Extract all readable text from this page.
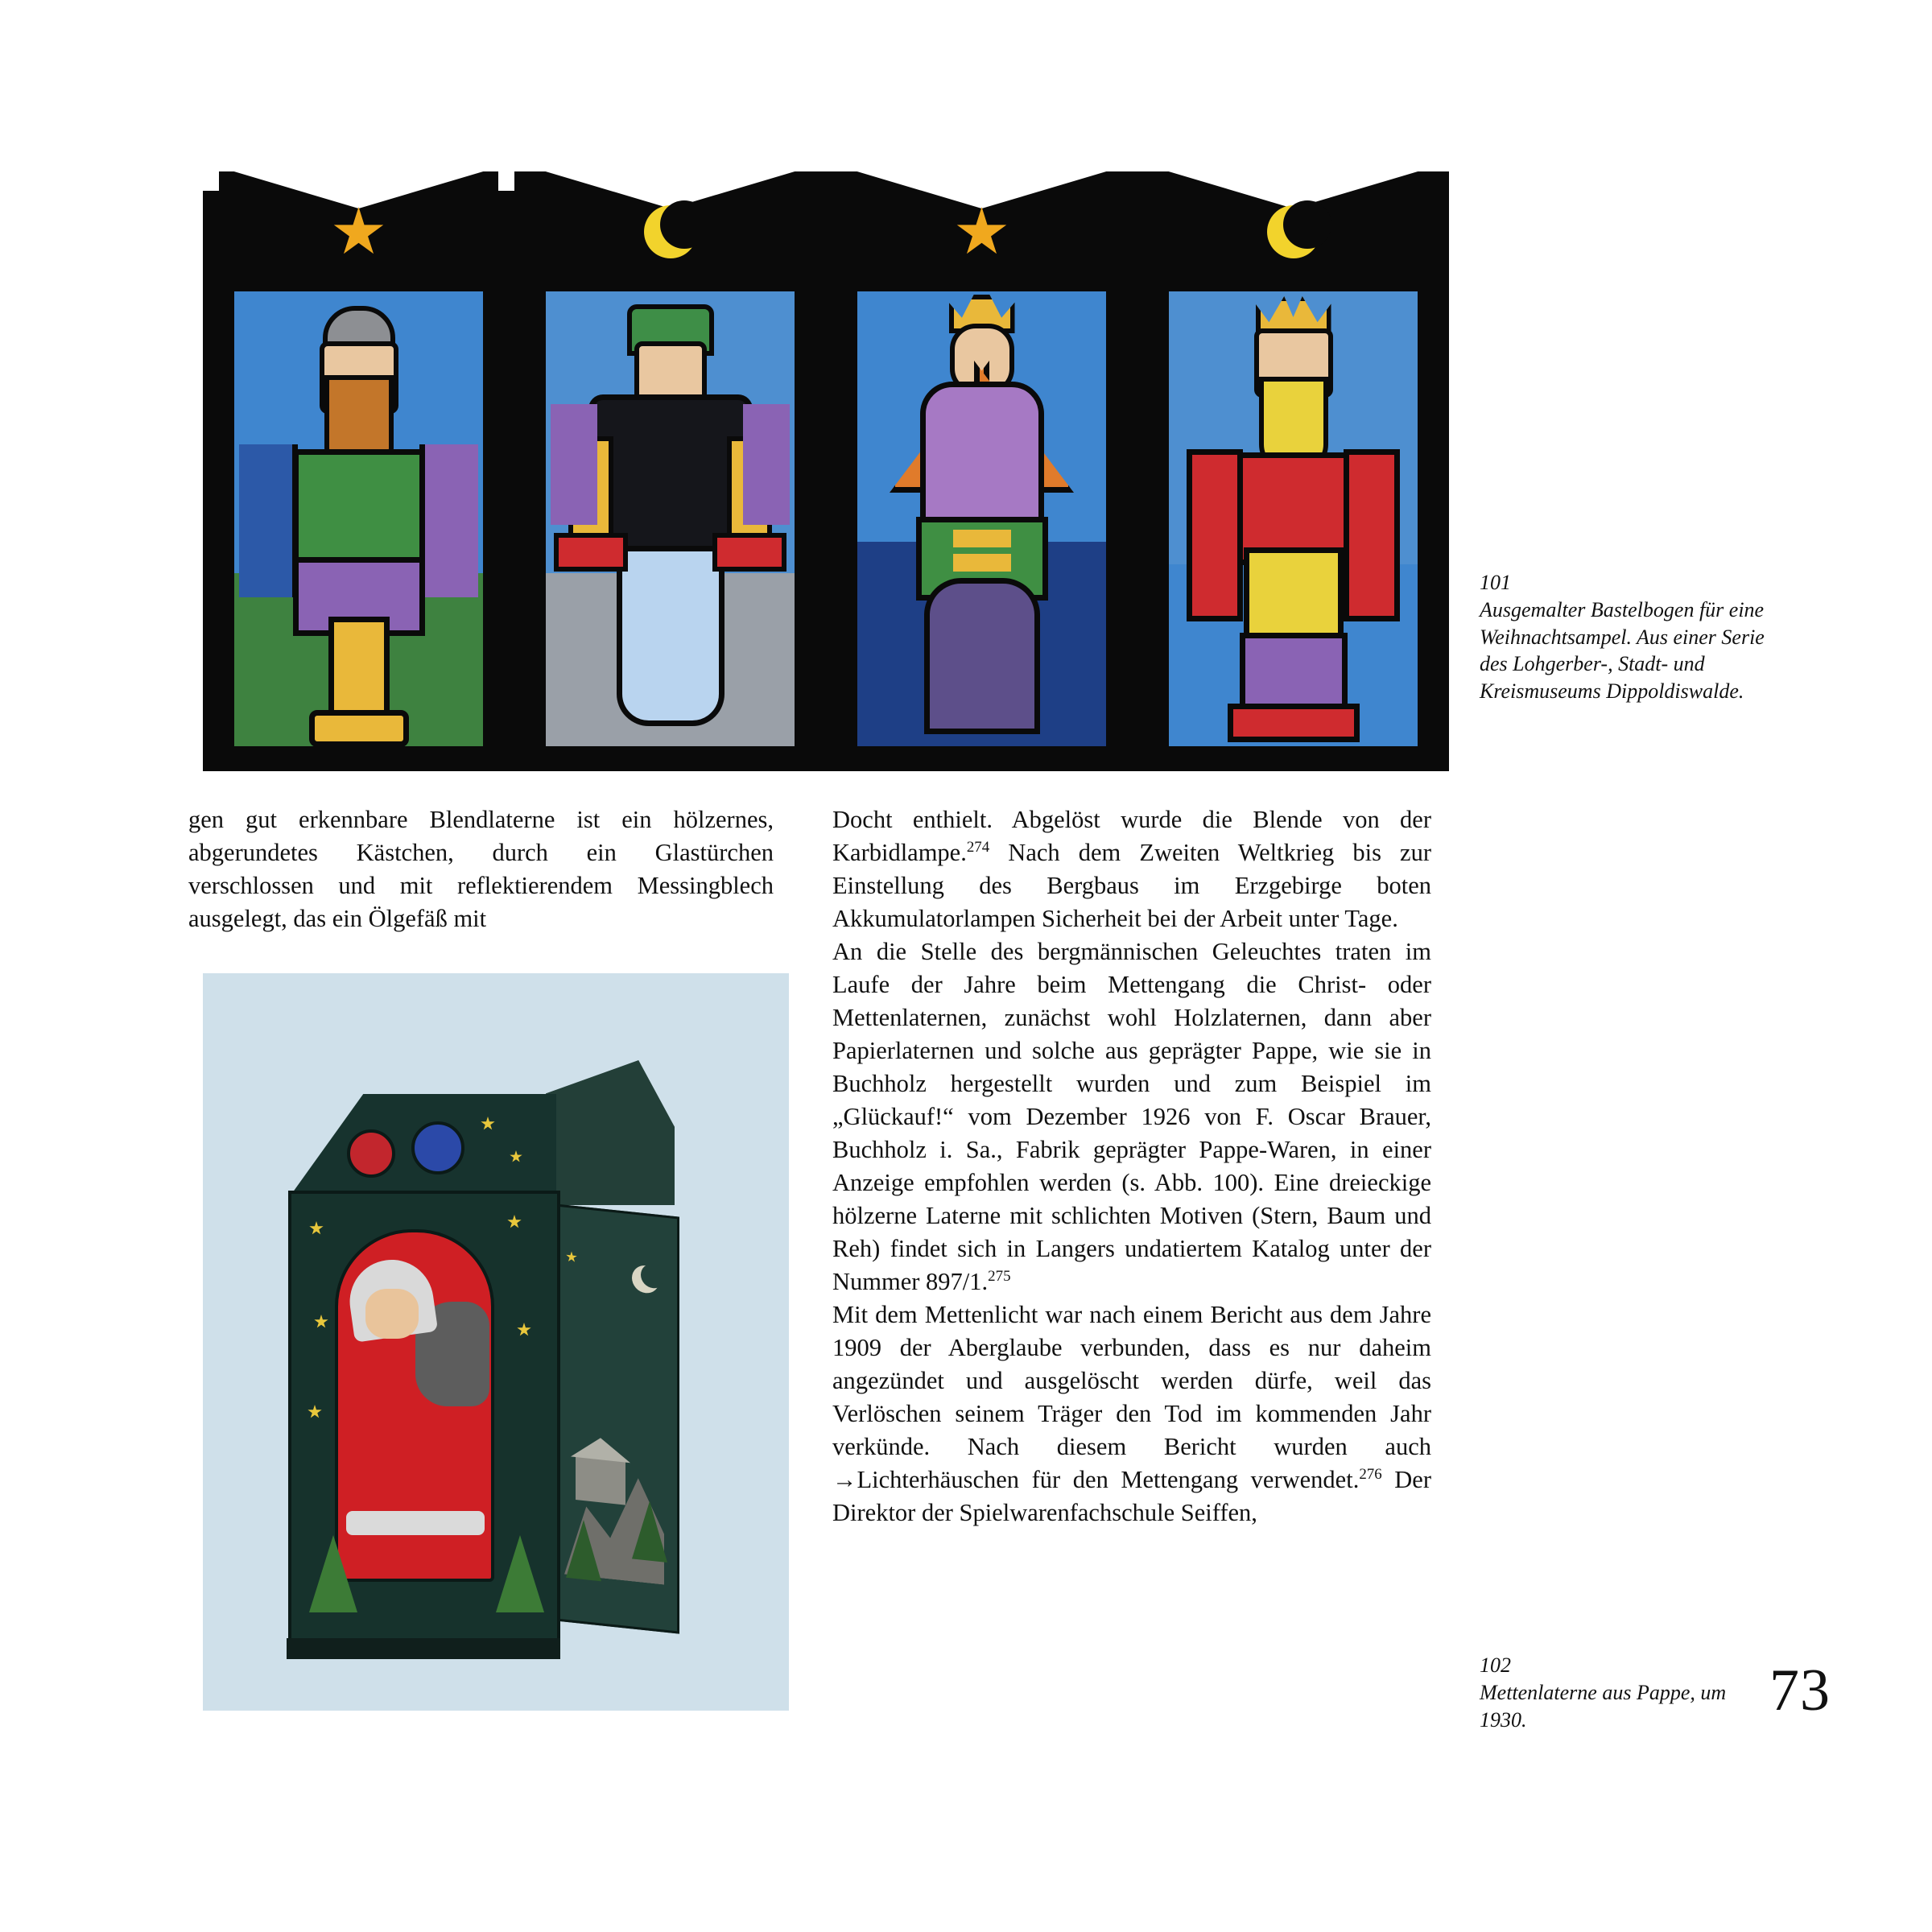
101
Ausgemalter Bastelbogen für eine Weihnachtsampel. Aus einer Serie des Lohgerber-, Stadt- und Kreismuseums Dippoldiswalde.

gen gut erkennbare Blendlaterne ist ein hölzernes, abgerundetes Kästchen, durch ein Glastürchen verschlossen und mit reflektierendem Messingblech ausgelegt, das ein Ölgefäß mit

Docht enthielt. Abgelöst wurde die Blende von der Karbidlampe.$^{274}$ Nach dem Zweiten Weltkrieg bis zur Einstellung des Bergbaus im Erzgebirge boten Akkumulatorlampen Sicherheit bei der Arbeit unter Tage.

An die Stelle des bergmännischen Geleuchtes traten im Laufe der Jahre beim Mettengang die Christ- oder Mettenlaternen, zunächst wohl Holzlaternen, dann aber Papierlaternen und solche aus geprägter Pappe, wie sie in Buchholz hergestellt wurden und zum Beispiel im „Glückauf!“ vom Dezember 1926 von F. Oscar Brauer, Buchholz i. Sa., Fabrik geprägter Pappe-Waren, in einer Anzeige empfohlen werden (s. Abb. 100). Eine dreieckige hölzerne Laterne mit schlichten Motiven (Stern, Baum und Reh) findet sich in Langers undatiertem Katalog unter der Nummer 897/1.$^{275}$

Mit dem Mettenlicht war nach einem Bericht aus dem Jahre 1909 der Aberglaube verbunden, dass es nur daheim angezündet und ausgelöscht werden dürfe, weil das Verlöschen seinem Träger den Tod im kommenden Jahr verkünde. Nach diesem Bericht wurden auch →Lichterhäuschen für den Mettengang verwendet.$^{276}$ Der Direktor der Spielwarenfachschule Seiffen,

102
Mettenlaterne aus Pappe, um 1930.	73
